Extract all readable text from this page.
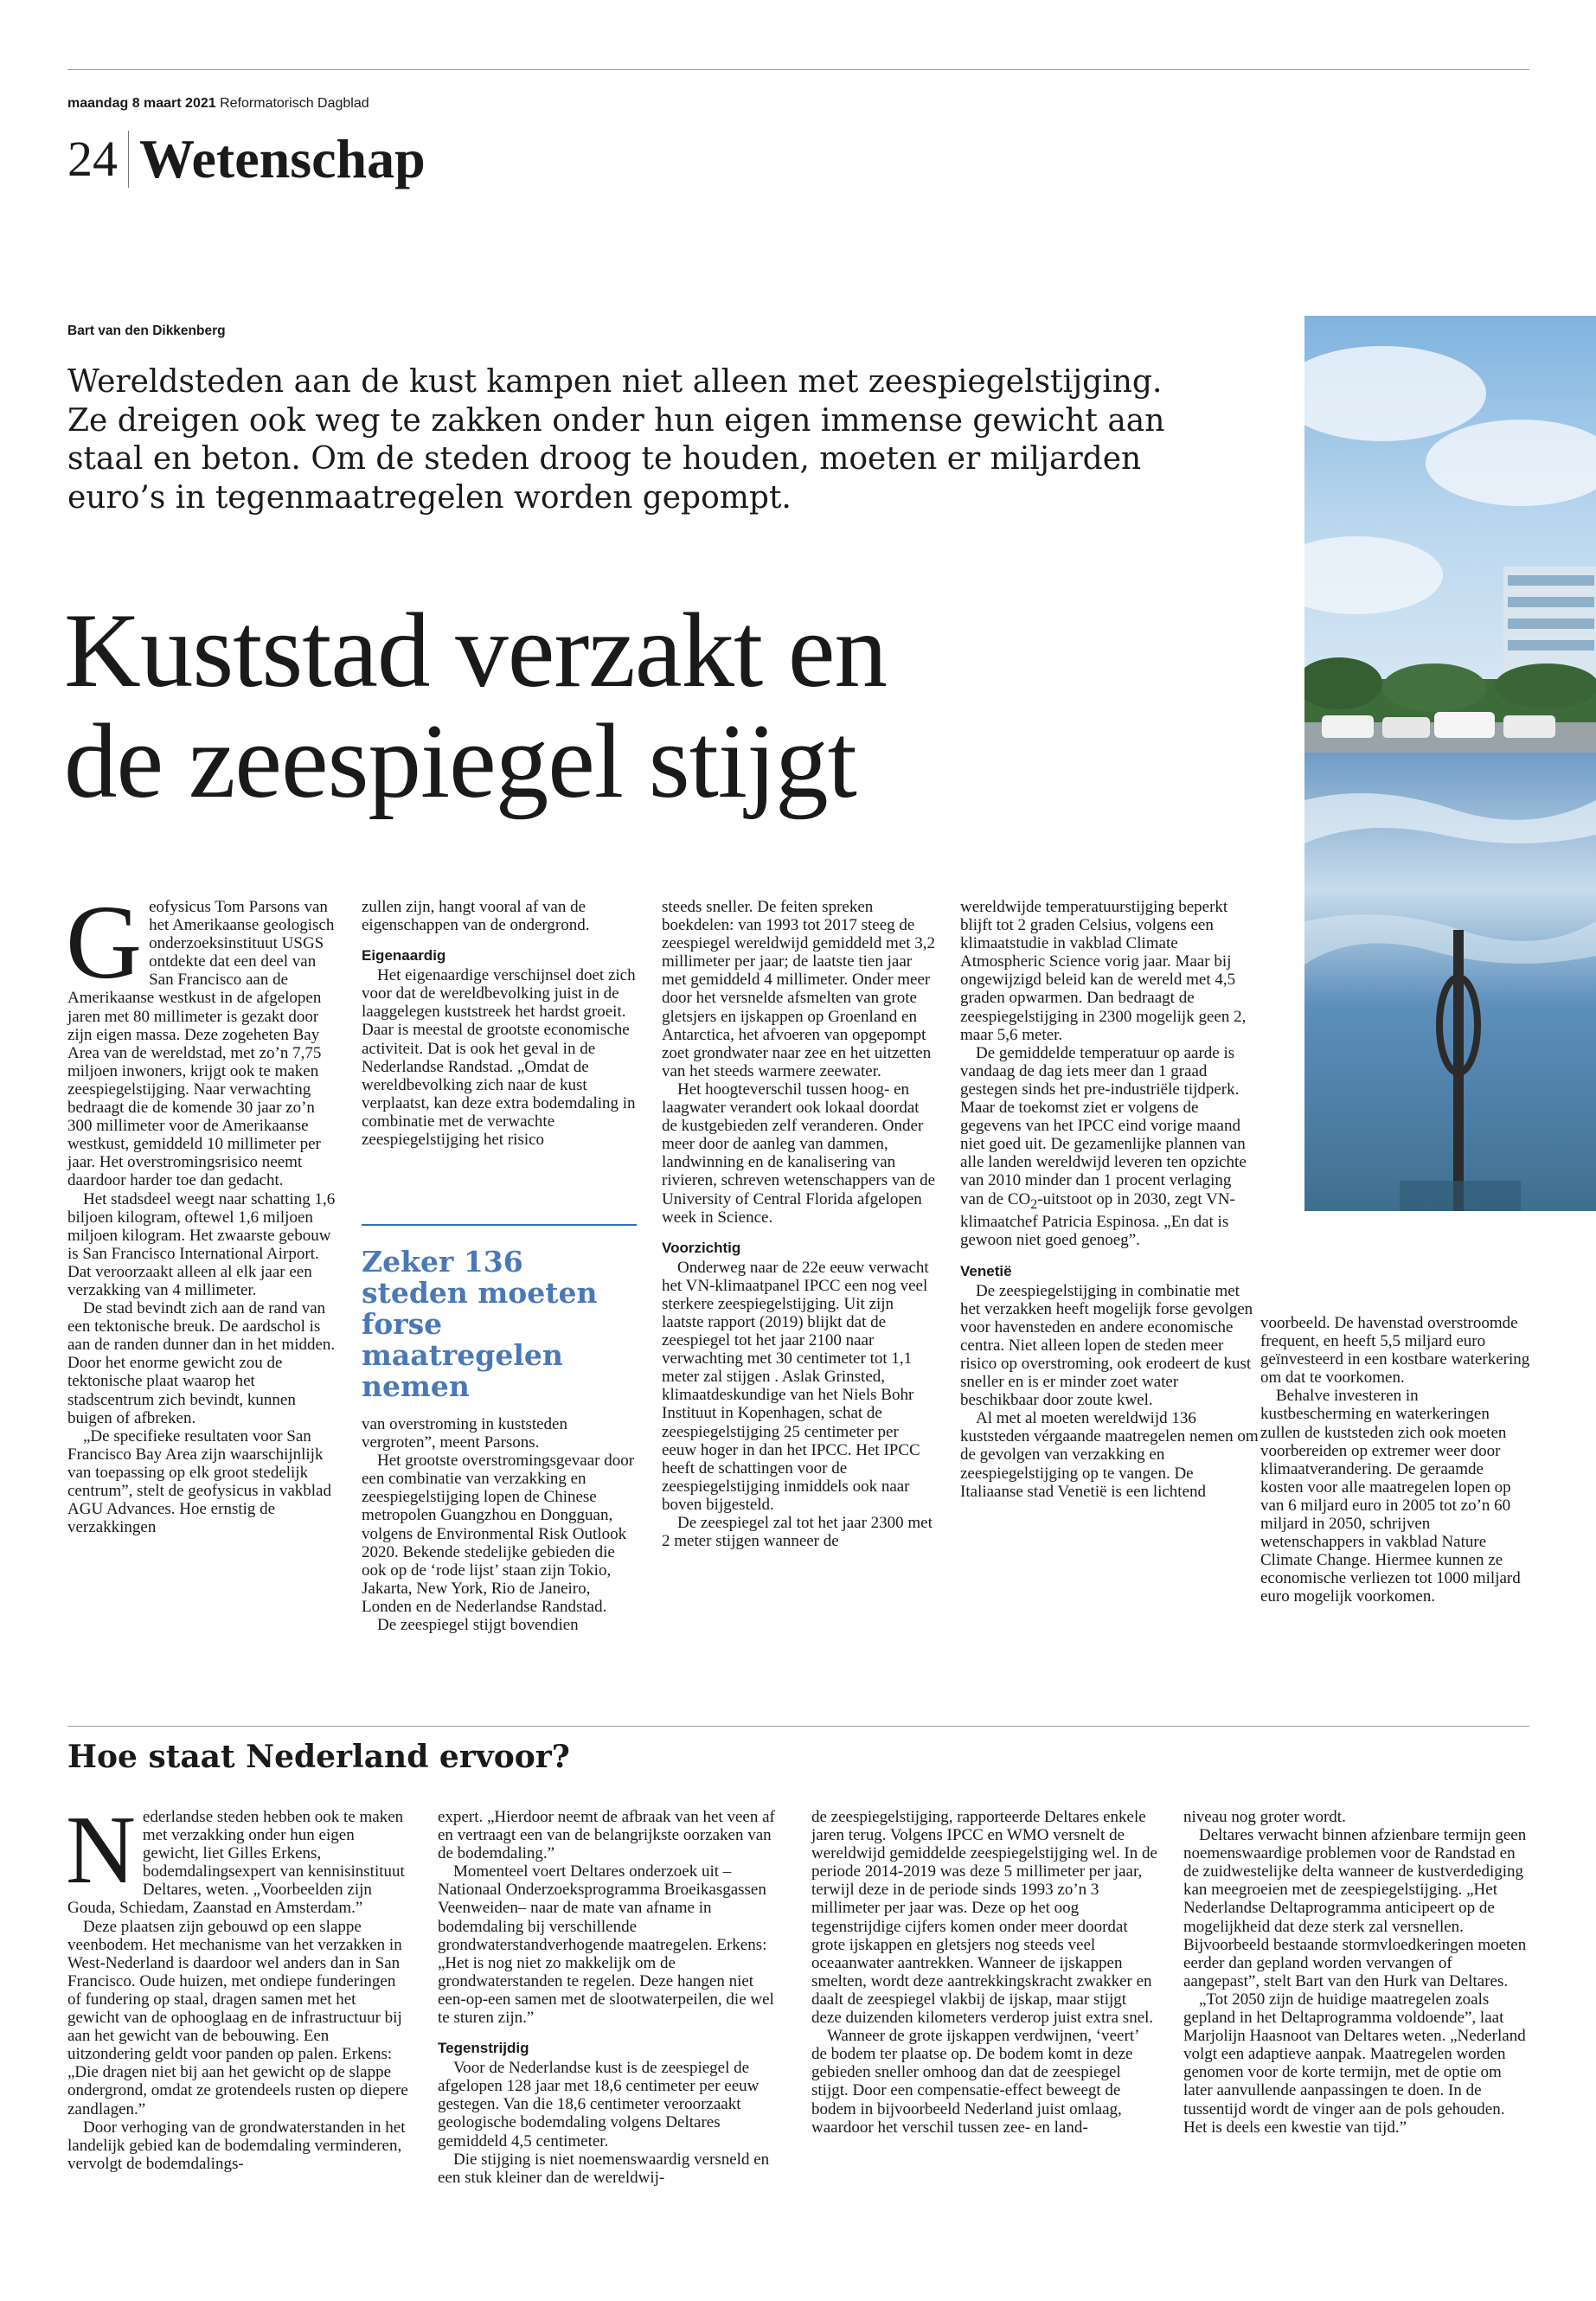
maandag 8 maart 2021 Reformatorisch Dagblad
24 Wetenschap
Bart van den Dikkenberg

Wereldsteden aan de kust kampen niet alleen met zeespiegelstijging. Ze dreigen ook weg te zakken onder hun eigen immense gewicht aan staal en beton. Om de steden droog te houden, moeten er miljarden euro’s in tegenmaatregelen worden gepompt.

Kuststad verzakt en
de zeespiegel stijgt
G eofysicus Tom Parsons van het Amerikaanse geologisch onderzoeksinstituut USGS ontdekte dat een deel van San Francisco aan de Amerikaanse westkust in de afgelopen jaren met 80 millimeter is gezakt door zijn eigen massa. Deze zogeheten Bay Area van de wereldstad, met zo’n 7,75 miljoen inwoners, krijgt ook te maken zeespiegelstijging. Naar verwachting bedraagt die de komende 30 jaar zo’n 300 millimeter voor de Amerikaanse westkust, gemiddeld 10 millimeter per jaar. Het overstromingsrisico neemt daardoor harder toe dan gedacht.

Het stadsdeel weegt naar schatting 1,6 biljoen kilogram, oftewel 1,6 miljoen miljoen kilogram. Het zwaarste gebouw is San Francisco International Airport. Dat veroorzaakt alleen al elk jaar een verzakking van 4 millimeter.

De stad bevindt zich aan de rand van een tektonische breuk. De aardschol is aan de randen dunner dan in het midden. Door het enorme gewicht zou de tektonische plaat waarop het stadscentrum zich bevindt, kunnen buigen of afbreken.

„De specifieke resultaten voor San Francisco Bay Area zijn waarschijnlijk van toepassing op elk groot stedelijk centrum”, stelt de geofysicus in vakblad AGU Advances. Hoe ernstig de verzakkingen

zullen zijn, hangt vooral af van de eigenschappen van de ondergrond.

Eigenaardig

Het eigenaardige verschijnsel doet zich voor dat de wereldbevolking juist in de laaggelegen kuststreek het hardst groeit. Daar is meestal de grootste economische activiteit. Dat is ook het geval in de Nederlandse Randstad. „Omdat de wereldbevolking zich naar de kust verplaatst, kan deze extra bodemdaling in combinatie met de verwachte zeespiegelstijging het risico

Zeker 136 steden moeten forse maatregelen nemen

van overstroming in kuststeden vergroten”, meent Parsons.

Het grootste overstromingsgevaar door een combinatie van verzakking en zeespiegelstijging lopen de Chinese metropolen Guangzhou en Dongguan, volgens de Environmental Risk Outlook 2020. Bekende stedelijke gebieden die ook op de ‘rode lijst’ staan zijn Tokio, Jakarta, New York, Rio de Janeiro, Londen en de Nederlandse Randstad.

De zeespiegel stijgt bovendien

steeds sneller. De feiten spreken boekdelen: van 1993 tot 2017 steeg de zeespiegel wereldwijd gemiddeld met 3,2 millimeter per jaar; de laatste tien jaar met gemiddeld 4 millimeter. Onder meer door het versnelde afsmelten van grote gletsjers en ijskappen op Groenland en Antarctica, het afvoeren van opgepompt zoet grondwater naar zee en het uitzetten van het steeds warmere zeewater.

Het hoogteverschil tussen hoog- en laagwater verandert ook lokaal doordat de kustgebieden zelf veranderen. Onder meer door de aanleg van dammen, landwinning en de kanalisering van rivieren, schreven wetenschappers van de University of Central Florida afgelopen week in Science.

Voorzichtig

Onderweg naar de 22e eeuw verwacht het VN-klimaatpanel IPCC een nog veel sterkere zeespiegelstijging. Uit zijn laatste rapport (2019) blijkt dat de zeespiegel tot het jaar 2100 naar verwachting met 30 centimeter tot 1,1 meter zal stijgen . Aslak Grinsted, klimaatdeskundige van het Niels Bohr Instituut in Kopenhagen, schat de zeespiegelstijging 25 centimeter per eeuw hoger in dan het IPCC. Het IPCC heeft de schattingen voor de zeespiegelstijging inmiddels ook naar boven bijgesteld.

De zeespiegel zal tot het jaar 2300 met 2 meter stijgen wanneer de

wereldwijde temperatuurstijging beperkt blijft tot 2 graden Celsius, volgens een klimaatstudie in vakblad Climate Atmospheric Science vorig jaar. Maar bij ongewijzigd beleid kan de wereld met 4,5 graden opwarmen. Dan bedraagt de zeespiegelstijging in 2300 mogelijk geen 2, maar 5,6 meter.

De gemiddelde temperatuur op aarde is vandaag de dag iets meer dan 1 graad gestegen sinds het pre-industriële tijdperk. Maar de toekomst ziet er volgens de gegevens van het IPCC eind vorige maand niet goed uit. De gezamenlijke plannen van alle landen wereldwijd leveren ten opzichte van 2010 minder dan 1 procent verlaging van de $CO_2$-uitstoot op in 2030, zegt VN-klimaatchef Patricia Espinosa. „En dat is gewoon niet goed genoeg”.

Venetië

De zeespiegelstijging in combinatie met het verzakken heeft mogelijk forse gevolgen voor havensteden en andere economische centra. Niet alleen lopen de steden meer risico op overstroming, ook erodeert de kust sneller en is er minder zoet water beschikbaar door zoute kwel.

Al met al moeten wereldwijd 136 kuststeden vérgaande maatregelen nemen om de gevolgen van verzakking en zeespiegelstijging op te vangen. De Italiaanse stad Venetië is een lichtend

voorbeeld. De havenstad overstroomde frequent, en heeft 5,5 miljard euro geïnvesteerd in een kostbare waterkering om dat te voorkomen.

Behalve investeren in kustbescherming en waterkeringen zullen de kuststeden zich ook moeten voorbereiden op extremer weer door klimaatverandering. De geraamde kosten voor alle maatregelen lopen op van 6 miljard euro in 2005 tot zo’n 60 miljard in 2050, schrijven wetenschappers in vakblad Nature Climate Change. Hiermee kunnen ze economische verliezen tot 1000 miljard euro mogelijk voorkomen.

Hoe staat Nederland ervoor?
N ederlandse steden hebben ook te maken met verzakking onder hun eigen gewicht, liet Gilles Erkens, bodemdalingsexpert van kennisinstituut Deltares, weten. „Voorbeelden zijn Gouda, Schiedam, Zaanstad en Amsterdam.”

Deze plaatsen zijn gebouwd op een slappe veenbodem. Het mechanisme van het verzakken in West-Nederland is daardoor wel anders dan in San Francisco. Oude huizen, met ondiepe funderingen of fundering op staal, dragen samen met het gewicht van de ophooglaag en de infrastructuur bij aan het gewicht van de bebouwing. Een uitzondering geldt voor panden op palen. Erkens: „Die dragen niet bij aan het gewicht op de slappe ondergrond, omdat ze grotendeels rusten op diepere zandlagen.”

Door verhoging van de grondwaterstanden in het landelijk gebied kan de bodemdaling verminderen, vervolgt de bodemdalings-

expert. „Hierdoor neemt de afbraak van het veen af en vertraagt een van de belangrijkste oorzaken van de bodemdaling.”

Momenteel voert Deltares onderzoek uit –Nationaal Onderzoeksprogramma Broeikasgassen Veenweiden– naar de mate van afname in bodemdaling bij verschillende grondwaterstandverhogende maatregelen. Erkens: „Het is nog niet zo makkelijk om de grondwaterstanden te regelen. Deze hangen niet een-op-een samen met de slootwaterpeilen, die wel te sturen zijn.”

Tegenstrijdig

Voor de Nederlandse kust is de zeespiegel de afgelopen 128 jaar met 18,6 centimeter per eeuw gestegen. Van die 18,6 centimeter veroorzaakt geologische bodemdaling volgens Deltares gemiddeld 4,5 centimeter.

Die stijging is niet noemenswaardig versneld en een stuk kleiner dan de wereldwij-

de zeespiegelstijging, rapporteerde Deltares enkele jaren terug. Volgens IPCC en WMO versnelt de wereldwijd gemiddelde zeespiegelstijging wel. In de periode 2014-2019 was deze 5 millimeter per jaar, terwijl deze in de periode sinds 1993 zo’n 3 millimeter per jaar was. Deze op het oog tegenstrijdige cijfers komen onder meer doordat grote ijskappen en gletsjers nog steeds veel oceaanwater aantrekken. Wanneer de ijskappen smelten, wordt deze aantrekkingskracht zwakker en daalt de zeespiegel vlakbij de ijskap, maar stijgt deze duizenden kilometers verderop juist extra snel.

Wanneer de grote ijskappen verdwijnen, ‘veert’ de bodem ter plaatse op. De bodem komt in deze gebieden sneller omhoog dan dat de zeespiegel stijgt. Door een compensatie-effect beweegt de bodem in bijvoorbeeld Nederland juist omlaag, waardoor het verschil tussen zee- en land-

niveau nog groter wordt.

Deltares verwacht binnen afzienbare termijn geen noemenswaardige problemen voor de Randstad en de zuidwestelijke delta wanneer de kustverdediging kan meegroeien met de zeespiegelstijging. „Het Nederlandse Deltaprogramma anticipeert op de mogelijkheid dat deze sterk zal versnellen. Bijvoorbeeld bestaande stormvloedkeringen moeten eerder dan gepland worden vervangen of aangepast”, stelt Bart van den Hurk van Deltares.

„Tot 2050 zijn de huidige maatregelen zoals gepland in het Deltaprogramma voldoende”, laat Marjolijn Haasnoot van Deltares weten. „Nederland volgt een adaptieve aanpak. Maatregelen worden genomen voor de korte termijn, met de optie om later aanvullende aanpassingen te doen. In de tussentijd wordt de vinger aan de pols gehouden. Het is deels een kwestie van tijd.”
